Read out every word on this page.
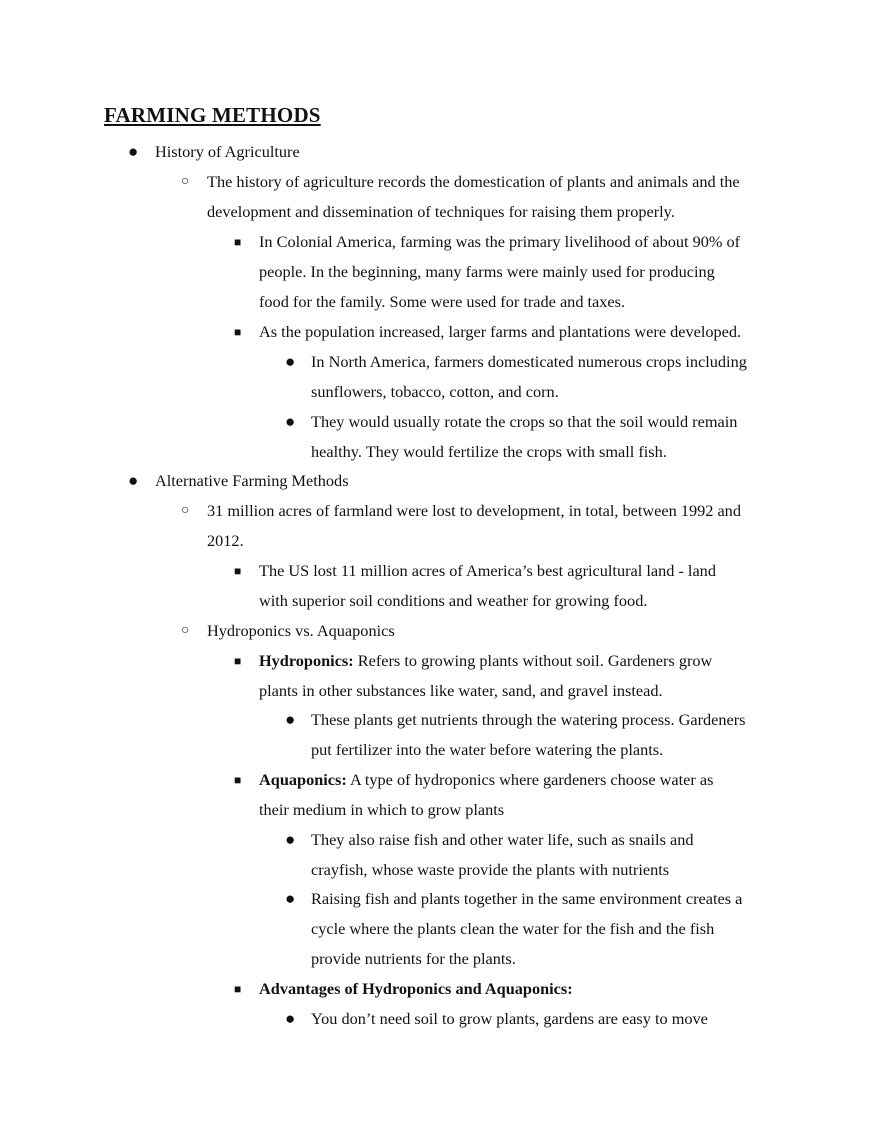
FARMING METHODS
● History of Agriculture
○ The history of agriculture records the domestication of plants and animals and the
development and dissemination of techniques for raising them properly.
■ In Colonial America, farming was the primary livelihood of about 90% of
people. In the beginning, many farms were mainly used for producing
food for the family. Some were used for trade and taxes.
■ As the population increased, larger farms and plantations were developed.
● In North America, farmers domesticated numerous crops including
sunflowers, tobacco, cotton, and corn.
● They would usually rotate the crops so that the soil would remain
healthy. They would fertilize the crops with small fish.
● Alternative Farming Methods
○ 31 million acres of farmland were lost to development, in total, between 1992 and
2012.
■ The US lost 11 million acres of America’s best agricultural land - land
with superior soil conditions and weather for growing food.
○ Hydroponics vs. Aquaponics
■ Hydroponics: Refers to growing plants without soil. Gardeners grow
plants in other substances like water, sand, and gravel instead.
● These plants get nutrients through the watering process. Gardeners
put fertilizer into the water before watering the plants.
■ Aquaponics: A type of hydroponics where gardeners choose water as
their medium in which to grow plants
● They also raise fish and other water life, such as snails and
crayfish, whose waste provide the plants with nutrients
● Raising fish and plants together in the same environment creates a
cycle where the plants clean the water for the fish and the fish
provide nutrients for the plants.
■ Advantages of Hydroponics and Aquaponics:
● You don’t need soil to grow plants, gardens are easy to move
